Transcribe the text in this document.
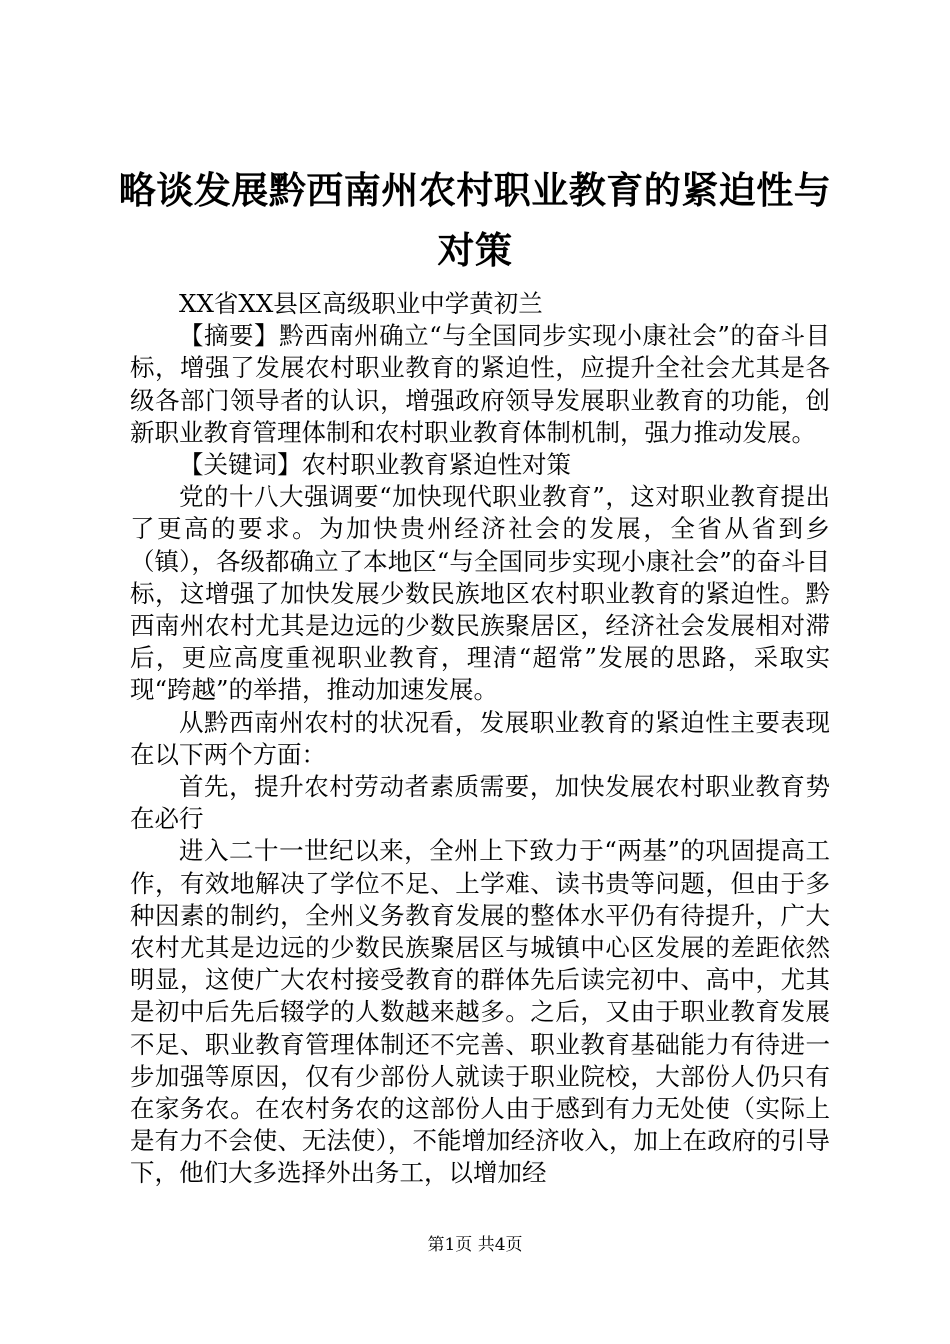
略谈发展黔西南州农村职业教育的紧迫性与对策

XX省XX县区高级职业中学黄初兰

【摘要】黔西南州确立“与全国同步实现小康社会”的奋斗目标，增强了发展农村职业教育的紧迫性，应提升全社会尤其是各级各部门领导者的认识，增强政府领导发展职业教育的功能，创新职业教育管理体制和农村职业教育体制机制，强力推动发展。

【关键词】农村职业教育紧迫性对策

党的十八大强调要“加快现代职业教育”，这对职业教育提出了更高的要求。为加快贵州经济社会的发展，全省从省到乡（镇），各级都确立了本地区“与全国同步实现小康社会”的奋斗目标，这增强了加快发展少数民族地区农村职业教育的紧迫性。黔西南州农村尤其是边远的少数民族聚居区，经济社会发展相对滞后，更应高度重视职业教育，理清“超常”发展的思路，采取实现“跨越”的举措，推动加速发展。

从黔西南州农村的状况看，发展职业教育的紧迫性主要表现在以下两个方面：

首先，提升农村劳动者素质需要，加快发展农村职业教育势在必行

进入二十一世纪以来，全州上下致力于“两基”的巩固提高工作，有效地解决了学位不足、上学难、读书贵等问题，但由于多种因素的制约，全州义务教育发展的整体水平仍有待提升，广大农村尤其是边远的少数民族聚居区与城镇中心区发展的差距依然明显，这使广大农村接受教育的群体先后读完初中、高中，尤其是初中后先后辍学的人数越来越多。之后，又由于职业教育发展不足、职业教育管理体制还不完善、职业教育基础能力有待进一步加强等原因，仅有少部份人就读于职业院校，大部份人仍只有在家务农。在农村务农的这部份人由于感到有力无处使（实际上是有力不会使、无法使），不能增加经济收入，加上在政府的引导下，他们大多选择外出务工，以增加经

第1页 共4页
